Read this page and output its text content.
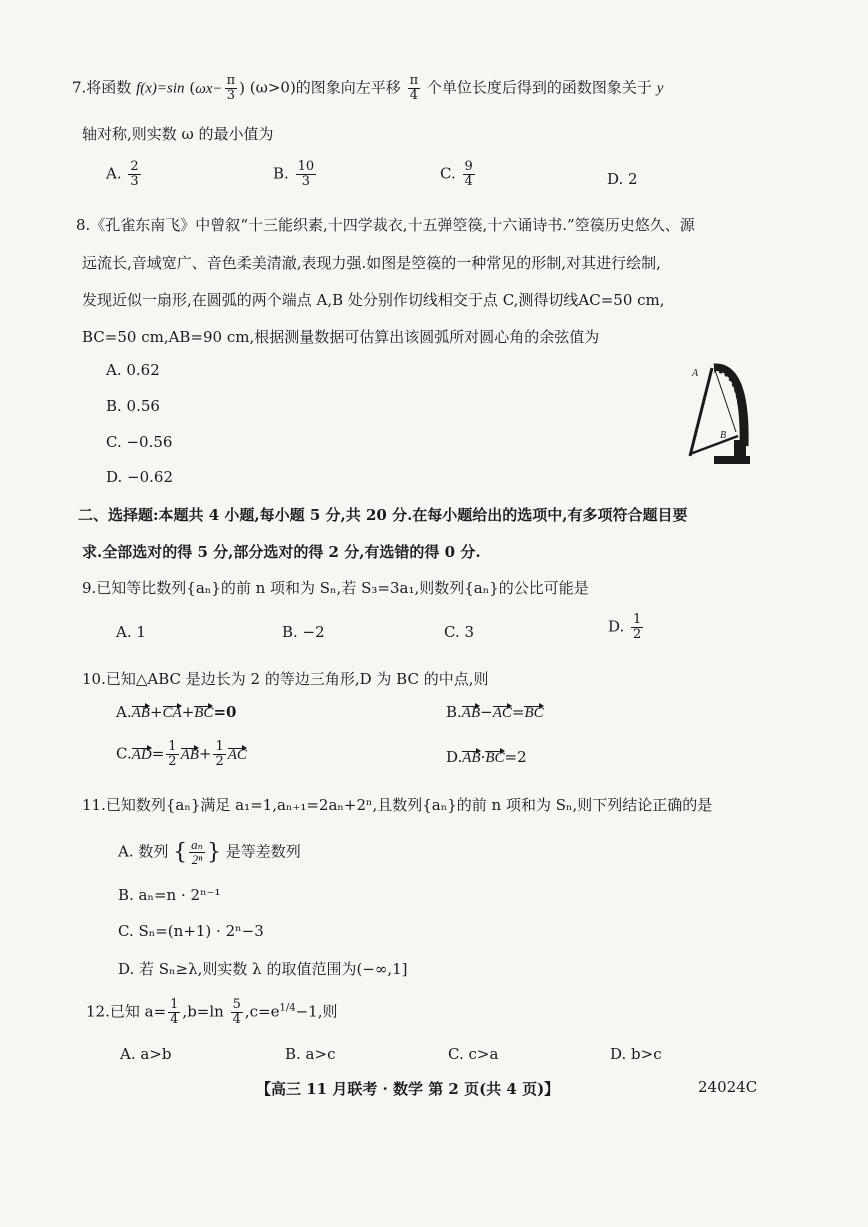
7.将函数 f(x)=sin ($\omega x- \frac{\pi}{3}$ ) (ω>0)的图象向左平移 $\frac{\pi}{4}$ 个单位长度后得到的函数图象关于 y
轴对称,则实数 ω 的最小值为
A. $\frac{2}{3}$	B. $\frac{10}{3}$	C. $\frac{9}{4}$	D. 2
8.《孔雀东南飞》中曾叙“十三能织素,十四学裁衣,十五弹箜篌,十六诵诗书.”箜篌历史悠久、源
远流长,音域宽广、音色柔美清澈,表现力强.如图是箜篌的一种常见的形制,对其进行绘制,
发现近似一扇形,在圆弧的两个端点 A,B 处分别作切线相交于点 C,测得切线AC=50 cm,
BC=50 cm,AB=90 cm,根据测量数据可估算出该圆弧所对圆心角的余弦值为
A. 0.62
B. 0.56
C. −0.56
D. −0.62
A
B
二、选择题:本题共 4 小题,每小题 5 分,共 20 分.在每小题给出的选项中,有多项符合题目要
求.全部选对的得 5 分,部分选对的得 2 分,有选错的得 0 分.
9.已知等比数列{aₙ}的前 n 项和为 Sₙ,若 S₃=3a₁,则数列{aₙ}的公比可能是
A. 1	B. −2	C. 3	D. $\frac{1}{2}$
10.已知△ABC 是边长为 2 的等边三角形,D 为 BC 的中点,则
A.AB+CA+BC=0	B.AB−AC=BC
$C.AD= \frac{1}{2} AB+ \frac{1}{2}$ AC	D.AB·BC=2
11.已知数列{aₙ}满足 a₁=1,aₙ₊₁=2aₙ+2ⁿ,且数列{aₙ}的前 n 项和为 Sₙ,则下列结论正确的是
A. 数列 { $\frac{\text{aₙ}}{\text{2ⁿ}}$ } 是等差数列
B. aₙ=n · 2ⁿ⁻¹
C. Sₙ=(n+1) · 2ⁿ−3
D. 若 Sₙ≥λ,则实数 λ 的取值范围为(−∞,1]
12.已知 $a= \frac{1}{4} ,b=\ln \frac{5}{4} ,c=e^{1/4}-1$,则
A. a>b	B. a>c	C. c>a	D. b>c
【高三 11 月联考 · 数学 第 2 页(共 4 页)】	24024C
